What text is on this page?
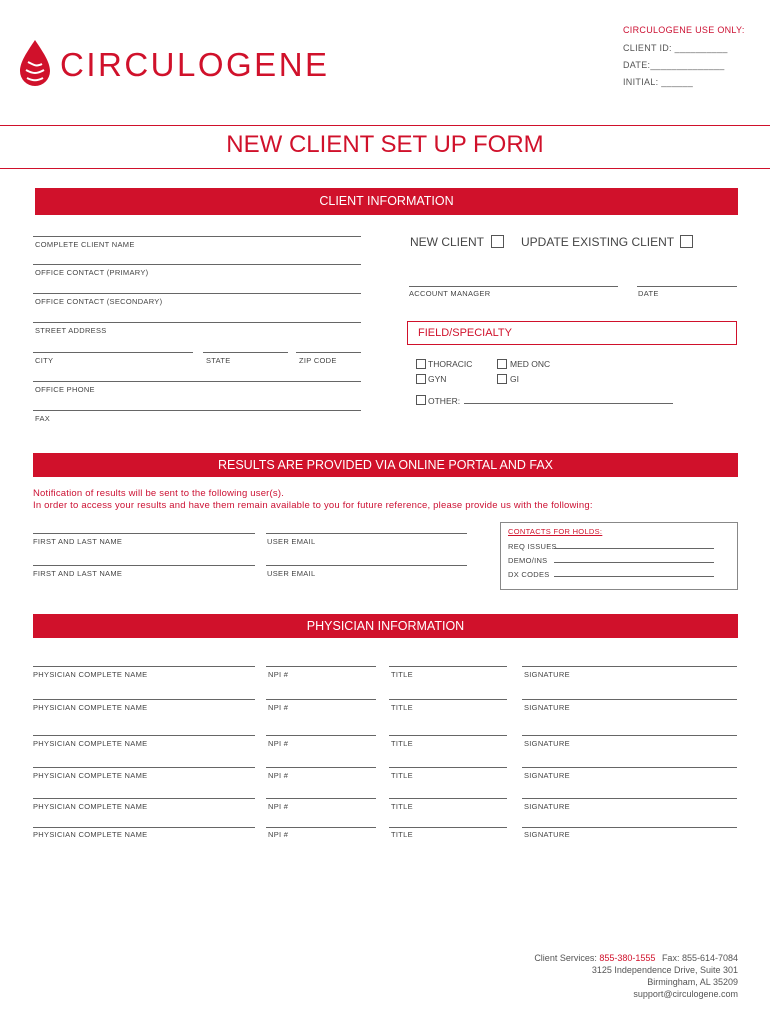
CIRCULOGENE
CIRCULOGENE USE ONLY:
CLIENT ID: __________
DATE:______________
INITIAL: ______
NEW CLIENT SET UP FORM
CLIENT INFORMATION
COMPLETE CLIENT NAME
OFFICE CONTACT (PRIMARY)
OFFICE CONTACT (SECONDARY)
STREET ADDRESS
CITY	STATE	ZIP CODE
OFFICE PHONE
FAX
NEW CLIENT	UPDATE EXISTING CLIENT
ACCOUNT MANAGER	DATE
FIELD/SPECIALTY
THORACIC	MED ONC
GYN	GI
OTHER:
RESULTS ARE PROVIDED VIA ONLINE PORTAL AND FAX
Notification of results will be sent to the following user(s).
In order to access your results and have them remain available to you for future reference, please provide us with the following:
FIRST AND LAST NAME	USER EMAIL
FIRST AND LAST NAME	USER EMAIL
CONTACTS FOR HOLDS:
REQ ISSUES
DEMO/INS
DX CODES
PHYSICIAN INFORMATION
PHYSICIAN COMPLETE NAME	NPI #	TITLE	SIGNATURE
PHYSICIAN COMPLETE NAME	NPI #	TITLE	SIGNATURE
PHYSICIAN COMPLETE NAME	NPI #	TITLE	SIGNATURE
PHYSICIAN COMPLETE NAME	NPI #	TITLE	SIGNATURE
PHYSICIAN COMPLETE NAME	NPI #	TITLE	SIGNATURE
PHYSICIAN COMPLETE NAME	NPI #	TITLE	SIGNATURE
Client Services: 855-380-1555 Fax: 855-614-7084
3125 Independence Drive, Suite 301
Birmingham, AL 35209
support@circulogene.com
